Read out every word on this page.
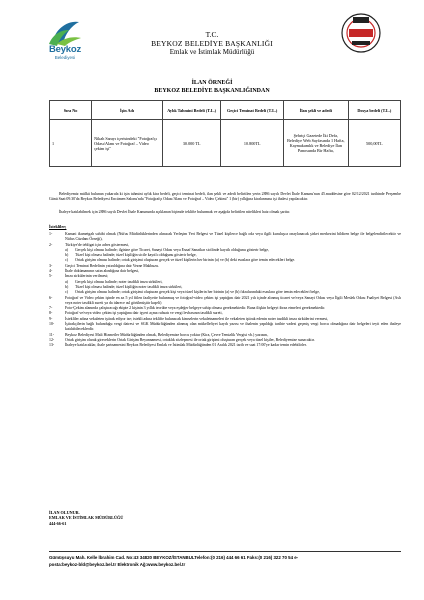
Beykoz
Belediyesi
T.C.
BEYKOZ BELEDİYE BAŞKANLIĞI
Emlak ve İstimlak Müdürlüğü
İLAN ÖRNEĞİ
BEYKOZ BELEDİYE BAŞKANLIĞINDAN
Sıra No	İşin Adı	Aylık Tahmini Bedeli (T.L.)	Geçici Teminat Bedeli (T.L.)	İlan şekli ve adedi	Dosya bedeli (T.L.)
1	Nikah Sarayı içerisindeki "Fotoğrafçı Odası/Alanı ve Fotoğraf – Video çekim işi"	30.000 TL	10.800TL	Şehriçi Gazetede İki Defa, Belediye Web Sayfasında 1 Hafta, Kaymakamlık ve Belediye İlan Panosunda Bir Hafta,	500,00TL
Belediyemiz mülkü bulunan yukarıda ki işin tahmini aylık kira bedeli, geçici teminat bedeli, ilan şekli ve adedi belirtilen yerin 2886 sayılı Devlet İhale Kanunu'nun 45.maddesine göre 02/12/2021 tarihinde Perşembe Günü Saat:09.30'da Beykoz Belediyesi Encümen Salonu'nda "Fotoğrafçı Odası/Alanı ve Fotoğraf – Video Çekimi" 1 (bir) yıllığına kiralanması işi ihalesi yapılacaktır.
İhaleye katılabilmek için 2886 sayılı Devlet İhale Kanununda açıklanan biçimde teklifte bulunmak ve aşağıda belirtilen nitelikleri haiz olmak şarttır.
İstekliler;
1-	Kanuni ikametgah sahibi olmak (Nüfus Müdürlüklerinden alınacak Yerleşim Yeri Belgesi ve Tüzel kişilerce bağlı oda veya ilgili kuruluşca onaylanacak şirket merkezini bildiren belge ile belgelendirilecektir ve Nüfus Cüzdanı Örneği),
2-	Türkiye'de tebligat için adres göstermesi,
a) Gerçek kişi olması halinde; ilgisine göre Ticaret, Sanayi Odası veya Esnaf Sanatkar sicilinde kayıtlı olduğunu gösterir belge,
b) Tüzel kişi olması halinde; tüzel kişiliğin sicile kayıtlı olduğunu gösterir belge,
c) Ortak girişim olması halinde; ortak girişimi oluşturan gerçek ve tüzel kişilerin her birinin (a) ve (b) deki esaslara göre temin edecekleri belge.
3-	Geçici Teminat Bedelinin yatırıldığına dair Vezne Makbuzu.
4-	İhale dokümanının satın alındığına dair belgesi,
5-	İmza sirkülerinin verilmesi;
a) Gerçek kişi olması halinde; noter tasdikli imza sirküleri,
b) Tüzel kişi olması halinde; tüzel kişiliğin noter tasdikli imza sirküleri,
c) Ortak girişim olması halinde; ortak girişimi oluşturan gerçek kişi veya tüzel kişilerin her birinin (a) ve (b) fıkralarındaki esaslara göre temin edecekleri belge,
6-	Fotoğraf ve Video çekim işinde en az 5 yıl fiilen faaliyette bulunmuş ve fotoğraf-video çekim işi yaptığını dair 2021 yılı içinde alınmış ticaret ve/veya Sanayi Odası veya İlgili Meslek Odası Faaliyet Belgesi (Aslı veya noter tasdikli sureti ya da idarece asl görülmüştür kaşeli)
7-	Foto-Çekim alanında çalıştıracağı ekipte 2 kişinin 3 yıllık tecrübe veya eşdeğer belgeye sahip olması gerekmektedir. Buna ilişkin belgeyi ibraz etmeleri gerekmektedir.
8-	Fotoğraf ve/veya video çekim işi yaptığına dair işyeri açma ruhsatı ve vergi levhasının tasdikli sureti,
9-	İstekliler adına vekaleten iştirak ediyor ise; istekli adına teklifte bulunacak kimselerin vekaletnameleri ile vekaleten iştirak edenin noter tasdikli imza sirkülerini vermesi,
10-	İştirakçilerin bağlı bulunduğu vergi dairesi ve SGK Müdürlüğünden alınmış olan mükellefiyet kaydı yazısı ve ihalenin yapıldığı tarihte vadesi geçmiş vergi borcu olmadığına dair belgeleri teyit eden ihaleye katılabileceklerdir.
11-	Beykoz Belediyesi Mali Hizmetler Müdürlüğünden olmak, Belediyemize borcu yoktur (Kira, Çevre Temizlik Vergisi vb.) yazısını,
12-	Ortak girişim olarak gireceklerin Ortak Girişim Beyannamesi, ortaklık sözleşmesi ile ortak girişimi oluşturan gerçek veya tüzel kişiler, Belediyemize sunacaktır.
13-	İhaleye katılacaklar, ihale şartnamesini Beykoz Belediyesi Emlak ve İstimlak Müdürlüğünden 01 Aralık 2021 tarih ve saat 17:00'ye kadar temin edebilirler.
İLAN OLUNUR.
EMLAK VE İSTİMLAK MÜDÜRLÜĞÜ
444-66-61
Gümüşsuyu Mah. Kelle İbrahim Cad. No:43 34820 BEYKOZ/İSTANBULTelefon:(0 216) 444 66 61 Faks:(0 216) 322 70 54 e-
posta:beykoz-bld@beykoz.bel.tr Elektronik Ağ:www.beykoz.bel.tr
